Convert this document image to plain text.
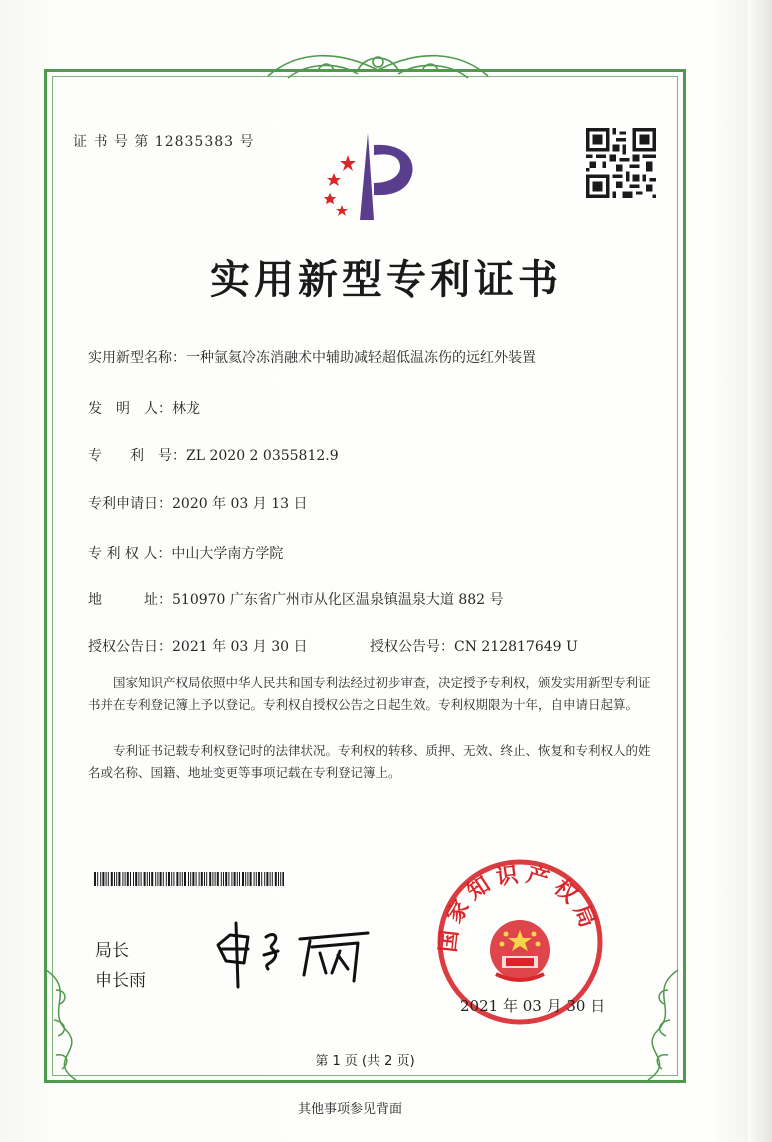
证 书 号 第 12835383 号
实用新型专利证书
实用新型名称：一种氩氦冷冻消融术中辅助减轻超低温冻伤的远红外装置
发　明　人：林龙
专　　利　号：ZL 2020 2 0355812.9
专利申请日：2020 年 03 月 13 日
专 利 权 人：中山大学南方学院
地　　　址：510970 广东省广州市从化区温泉镇温泉大道 882 号
授权公告日：2021 年 03 月 30 日	授权公告号：CN 212817649 U
国家知识产权局依照中华人民共和国专利法经过初步审查，决定授予专利权，颁发实用新型专利证书并在专利登记簿上予以登记。专利权自授权公告之日起生效。专利权期限为十年，自申请日起算。
专利证书记载专利权登记时的法律状况。专利权的转移、质押、无效、终止、恢复和专利权人的姓名或名称、国籍、地址变更等事项记载在专利登记簿上。
局长
申长雨
国家知识产权局
2021 年 03 月 30 日
第 1 页 (共 2 页)
其他事项参见背面
